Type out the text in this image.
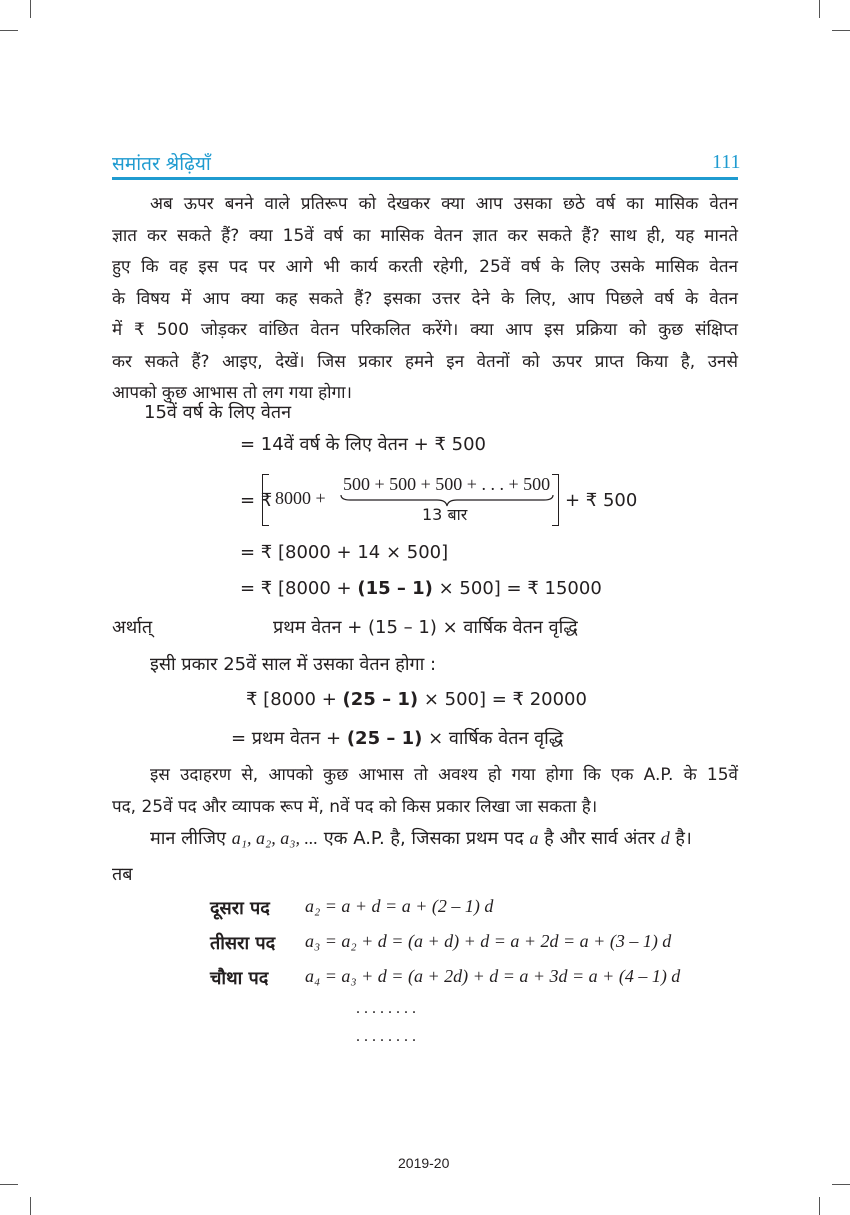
समांतर श्रेढ़ियाँ	111
अब ऊपर बनने वाले प्रतिरूप को देखकर क्या आप उसका छठे वर्ष का मासिक वेतन
ज्ञात कर सकते हैं? क्या 15वें वर्ष का मासिक वेतन ज्ञात कर सकते हैं? साथ ही, यह मानते
हुए कि वह इस पद पर आगे भी कार्य करती रहेगी, 25वें वर्ष के लिए उसके मासिक वेतन
के विषय में आप क्या कह सकते हैं? इसका उत्तर देने के लिए, आप पिछले वर्ष के वेतन
में ₹ 500 जोड़कर वांछित वेतन परिकलित करेंगे। क्या आप इस प्रक्रिया को कुछ संक्षिप्त
कर सकते हैं? आइए, देखें। जिस प्रकार हमने इन वेतनों को ऊपर प्राप्त किया है, उनसे
आपको कुछ आभास तो लग गया होगा।
15वें वर्ष के लिए वेतन
= 14वें वर्ष के लिए वेतन + ₹ 500
= ₹ 8000 +
500 + 500 + 500 + . . . + 500
13 बार
+ ₹ 500
= ₹ [8000 + 14 × 500]
= ₹ [8000 + (15 – 1) × 500] = ₹ 15000
अर्थात्	प्रथम वेतन + (15 – 1) × वार्षिक वेतन वृद्धि
इसी प्रकार 25वें साल में उसका वेतन होगा :
₹ [8000 + (25 – 1) × 500] = ₹ 20000
= प्रथम वेतन + (25 – 1) × वार्षिक वेतन वृद्धि
इस उदाहरण से, आपको कुछ आभास तो अवश्य हो गया होगा कि एक A.P. के 15वें
पद, 25वें पद और व्यापक रूप में, nवें पद को किस प्रकार लिखा जा सकता है।
मान लीजिए a₁, a₂, a₃, ... एक A.P. है, जिसका प्रथम पद a है और सार्व अंतर d है।
तब
दूसरा पद a₂ = a + d = a + (2 – 1) d
तीसरा पद a₃ = a₂ + d = (a + d) + d = a + 2d = a + (3 – 1) d
चौथा पद a₄ = a₃ + d = (a + 2d) + d = a + 3d = a + (4 – 1) d
. . . . . . . .
. . . . . . . .
2019-20
